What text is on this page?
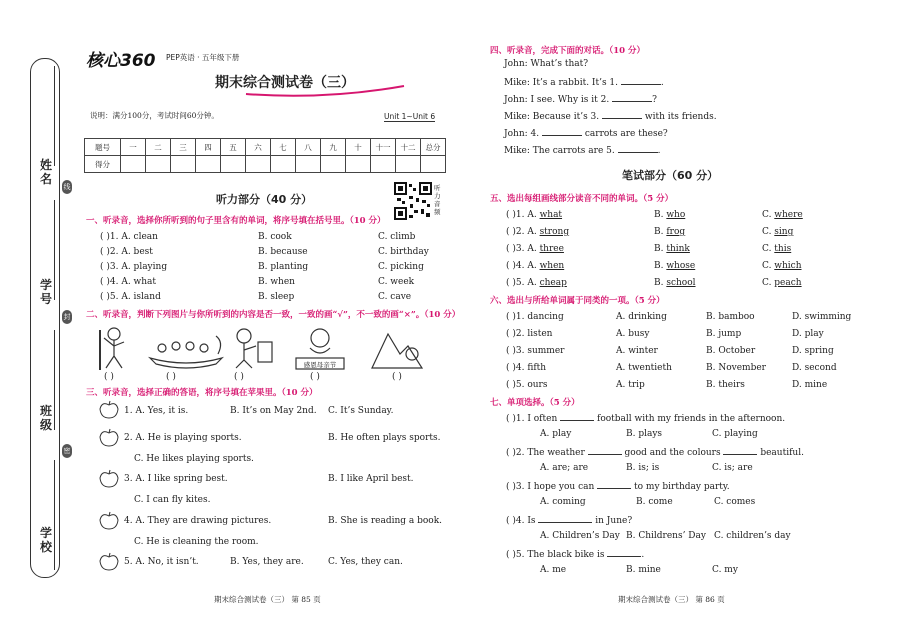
姓名
学号
班级
学校
线
封
密
核心360 PEP英语 · 五年级下册
期末综合测试卷（三）
Unit 1~Unit 6
说明：满分100分，考试时间60分钟。
题号	一	二	三	四	五	六	七	八	九	十	十一	十二	总分
得分													
听力部分（40 分）
听力音频
一、听录音，选择你所听到的句子里含有的单词，将序号填在括号里。（10 分）
( )1. A. clean	B. cook	C. climb
( )2. A. best	B. because	C. birthday
( )3. A. playing	B. planting	C. picking
( )4. A. what	B. when	C. week
( )5. A. island	B. sleep	C. cave
二、听录音，判断下列图片与你所听到的内容是否一致，一致的画“√”，不一致的画“×”。（10 分）
感恩母亲节
( )	( )	( )	( )	( )
三、听录音，选择正确的答语，将序号填在苹果里。（10 分）
1. A. Yes, it is.	B. It’s on May 2nd. C. It’s Sunday.
2. A. He is playing sports.	B. He often plays sports.
C. He likes playing sports.
3. A. I like spring best.	B. I like April best.
C. I can fly kites.
4. A. They are drawing pictures.	B. She is reading a book.
C. He is cleaning the room.
5. A. No, it isn’t.	B. Yes, they are.	C. Yes, they can.
期末综合测试卷（三） 第 85 页
四、听录音，完成下面的对话。（10 分）
John: What’s that?
Mike: It’s a rabbit. It’s 1.	.
John: I see. Why is it 2.	?
Mike: Because it’s 3.	with its friends.
John: 4.	carrots are these?
Mike: The carrots are 5.	.
笔试部分（60 分）
五、选出每组画线部分读音不同的单词。（5 分）
( )1. A. what	B. who	C. where
( )2. A. strong	B. frog	C. sing
( )3. A. three	B. think	C. this
( )4. A. when	B. whose	C. which
( )5. A. cheap	B. school	C. peach
六、选出与所给单词属于同类的一项。（5 分）
( )1. dancing	A. drinking	B. bamboo	D. swimming
( )2. listen	A. busy	B. jump	D. play
( )3. summer	A. winter	B. October	D. spring
( )4. fifth	A. twentieth	B. November	D. second
( )5. ours	A. trip	B. theirs	D. mine
七、单项选择。（5 分）
( )1. I often	football with my friends in the afternoon.
A. play	B. plays	C. playing
( )2. The weather	good and the colours	beautiful.
A. are; are	B. is; is	C. is; are
( )3. I hope you can	to my birthday party.
A. coming	B. come	C. comes
( )4. Is	in June?
A. Children’s Day B. Childrens’ Day C. children’s day
( )5. The black bike is	.
A. me	B. mine	C. my
期末综合测试卷（三） 第 86 页
